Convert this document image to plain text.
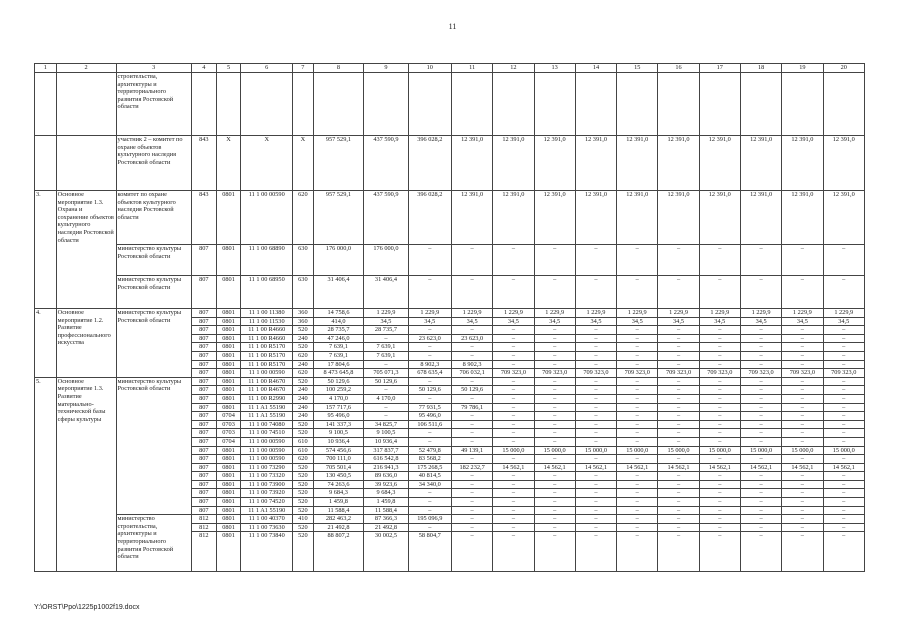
11
1	2	3	4	5	6	7	8	9	10	11	12	13	14	15	16	17	18	19	20
		строительства, архитектуры и территориального развития Ростовской области																	
		участник 2 – комитет по охране объектов культурного наследия Ростовской области	843	X	X	X	957 529,1	437 590,9	396 028,2	12 391,0	12 391,0	12 391,0	12 391,0	12 391,0	12 391,0	12 391,0	12 391,0	12 391,0	12 391,0
3.	Основное мероприятие 1.3. Охрана и сохранение объектов культурного наследия Ростовской области	комитет по охране объектов культурного наследия Ростовской области	843	0801	11 1 00 00590	620	957 529,1	437 590,9	396 028,2	12 391,0	12 391,0	12 391,0	12 391,0	12 391,0	12 391,0	12 391,0	12 391,0	12 391,0	12 391,0
		министерство культуры Ростовской области	807	0801	11 1 00 68890	630	176 000,0	176 000,0	–	–	–	–	–	–	–	–	–	–	–
		министерство культуры Ростовской области	807	0801	11 1 00 68950	630	31 406,4	31 406,4	–	–	–	–	–	–	–	–	–	–	–
4.	Основное мероприятие 1.2. Развитие профессионального искусства	министерство культуры Ростовской области	807	0801	11 1 00 11380	360	14 758,6	1 229,9	1 229,9	1 229,9	1 229,9	1 229,9	1 229,9	1 229,9	1 229,9	1 229,9	1 229,9	1 229,9	1 229,9
			807	0801	11 1 00 11530	360	414,0	34,5	34,5	34,5	34,5	34,5	34,5	34,5	34,5	34,5	34,5	34,5	34,5
			807	0801	11 1 00 R4660	520	28 735,7	28 735,7	–	–	–	–	–	–	–	–	–	–	–
			807	0801	11 1 00 R4660	240	47 246,0	–	23 623,0	23 623,0	–	–	–	–	–	–	–	–	–
			807	0801	11 1 00 R5170	520	7 639,1	7 639,1	–	–	–	–	–	–	–	–	–	–	–
			807	0801	11 1 00 R5170	620	7 639,1	7 639,1	–	–	–	–	–	–	–	–	–	–	–
			807	0801	11 1 00 R5170	240	17 804,6	–	8 902,3	8 902,3	–	–	–	–	–	–	–	–	–
			807	0801	11 1 00 00590	620	8 473 645,8	705 071,3	678 635,4	706 032,1	709 323,0	709 323,0	709 323,0	709 323,0	709 323,0	709 323,0	709 323,0	709 323,0	709 323,0
5.	Основное мероприятие 1.3. Развитие материально-технической базы сферы культуры	министерство культуры Ростовской области	807	0801	11 1 00 R4670	520	50 129,6	50 129,6	–	–	–	–	–	–	–	–	–	–	–
			807	0801	11 1 00 R4670	240	100 259,2	–	50 129,6	50 129,6	–	–	–	–	–	–	–	–	–
			807	0801	11 1 00 R2990	240	4 170,0	4 170,0	–	–	–	–	–	–	–	–	–	–	–
			807	0801	11 1 A1 55190	240	157 717,6	–	77 931,5	79 786,1	–	–	–	–	–	–	–	–	–
			807	0704	11 1 A1 55190	240	95 496,0	–	95 496,0	–	–	–	–	–	–	–	–	–	–
			807	0703	11 1 00 74080	520	141 337,3	34 825,7	106 511,6	–	–	–	–	–	–	–	–	–	–
			807	0703	11 1 00 74510	520	9 100,5	9 100,5	–	–	–	–	–	–	–	–	–	–	–
			807	0704	11 1 00 00590	610	10 936,4	10 936,4	–	–	–	–	–	–	–	–	–	–	–
			807	0801	11 1 00 00590	610	574 456,6	317 837,7	52 479,8	49 139,1	15 000,0	15 000,0	15 000,0	15 000,0	15 000,0	15 000,0	15 000,0	15 000,0	15 000,0
			807	0801	11 1 00 00590	620	700 111,0	616 542,8	83 568,2	–	–	–	–	–	–	–	–	–	–
			807	0801	11 1 00 73290	520	705 501,4	216 941,3	175 268,5	182 232,7	14 562,1	14 562,1	14 562,1	14 562,1	14 562,1	14 562,1	14 562,1	14 562,1	14 562,1
			807	0801	11 1 00 73320	520	130 450,5	89 636,0	40 814,5	–	–	–	–	–	–	–	–	–	–
			807	0801	11 1 00 73900	520	74 263,6	39 923,6	34 340,0	–	–	–	–	–	–	–	–	–	–
			807	0801	11 1 00 73920	520	9 684,3	9 684,3	–	–	–	–	–	–	–	–	–	–	–
			807	0801	11 1 00 74520	520	1 459,8	1 459,8	–	–	–	–	–	–	–	–	–	–	–
			807	0801	11 1 A1 55190	520	11 588,4	11 588,4	–	–	–	–	–	–	–	–	–	–	–
		министерство строительства, архитектуры и территориального развития Ростовской области	812	0801	11 1 00 40370	410	282 463,2	87 366,3	195 096,9	–	–	–	–	–	–	–	–	–	–
			812	0801	11 1 00 73630	520	21 492,8	21 492,8	–	–	–	–	–	–	–	–	–	–	–
			812	0801	11 1 00 73840	520	88 807,2	30 002,5	58 804,7	–	–	–	–	–	–	–	–	–	–
Y:\ORST\Ppo\1225p1002f19.docx
